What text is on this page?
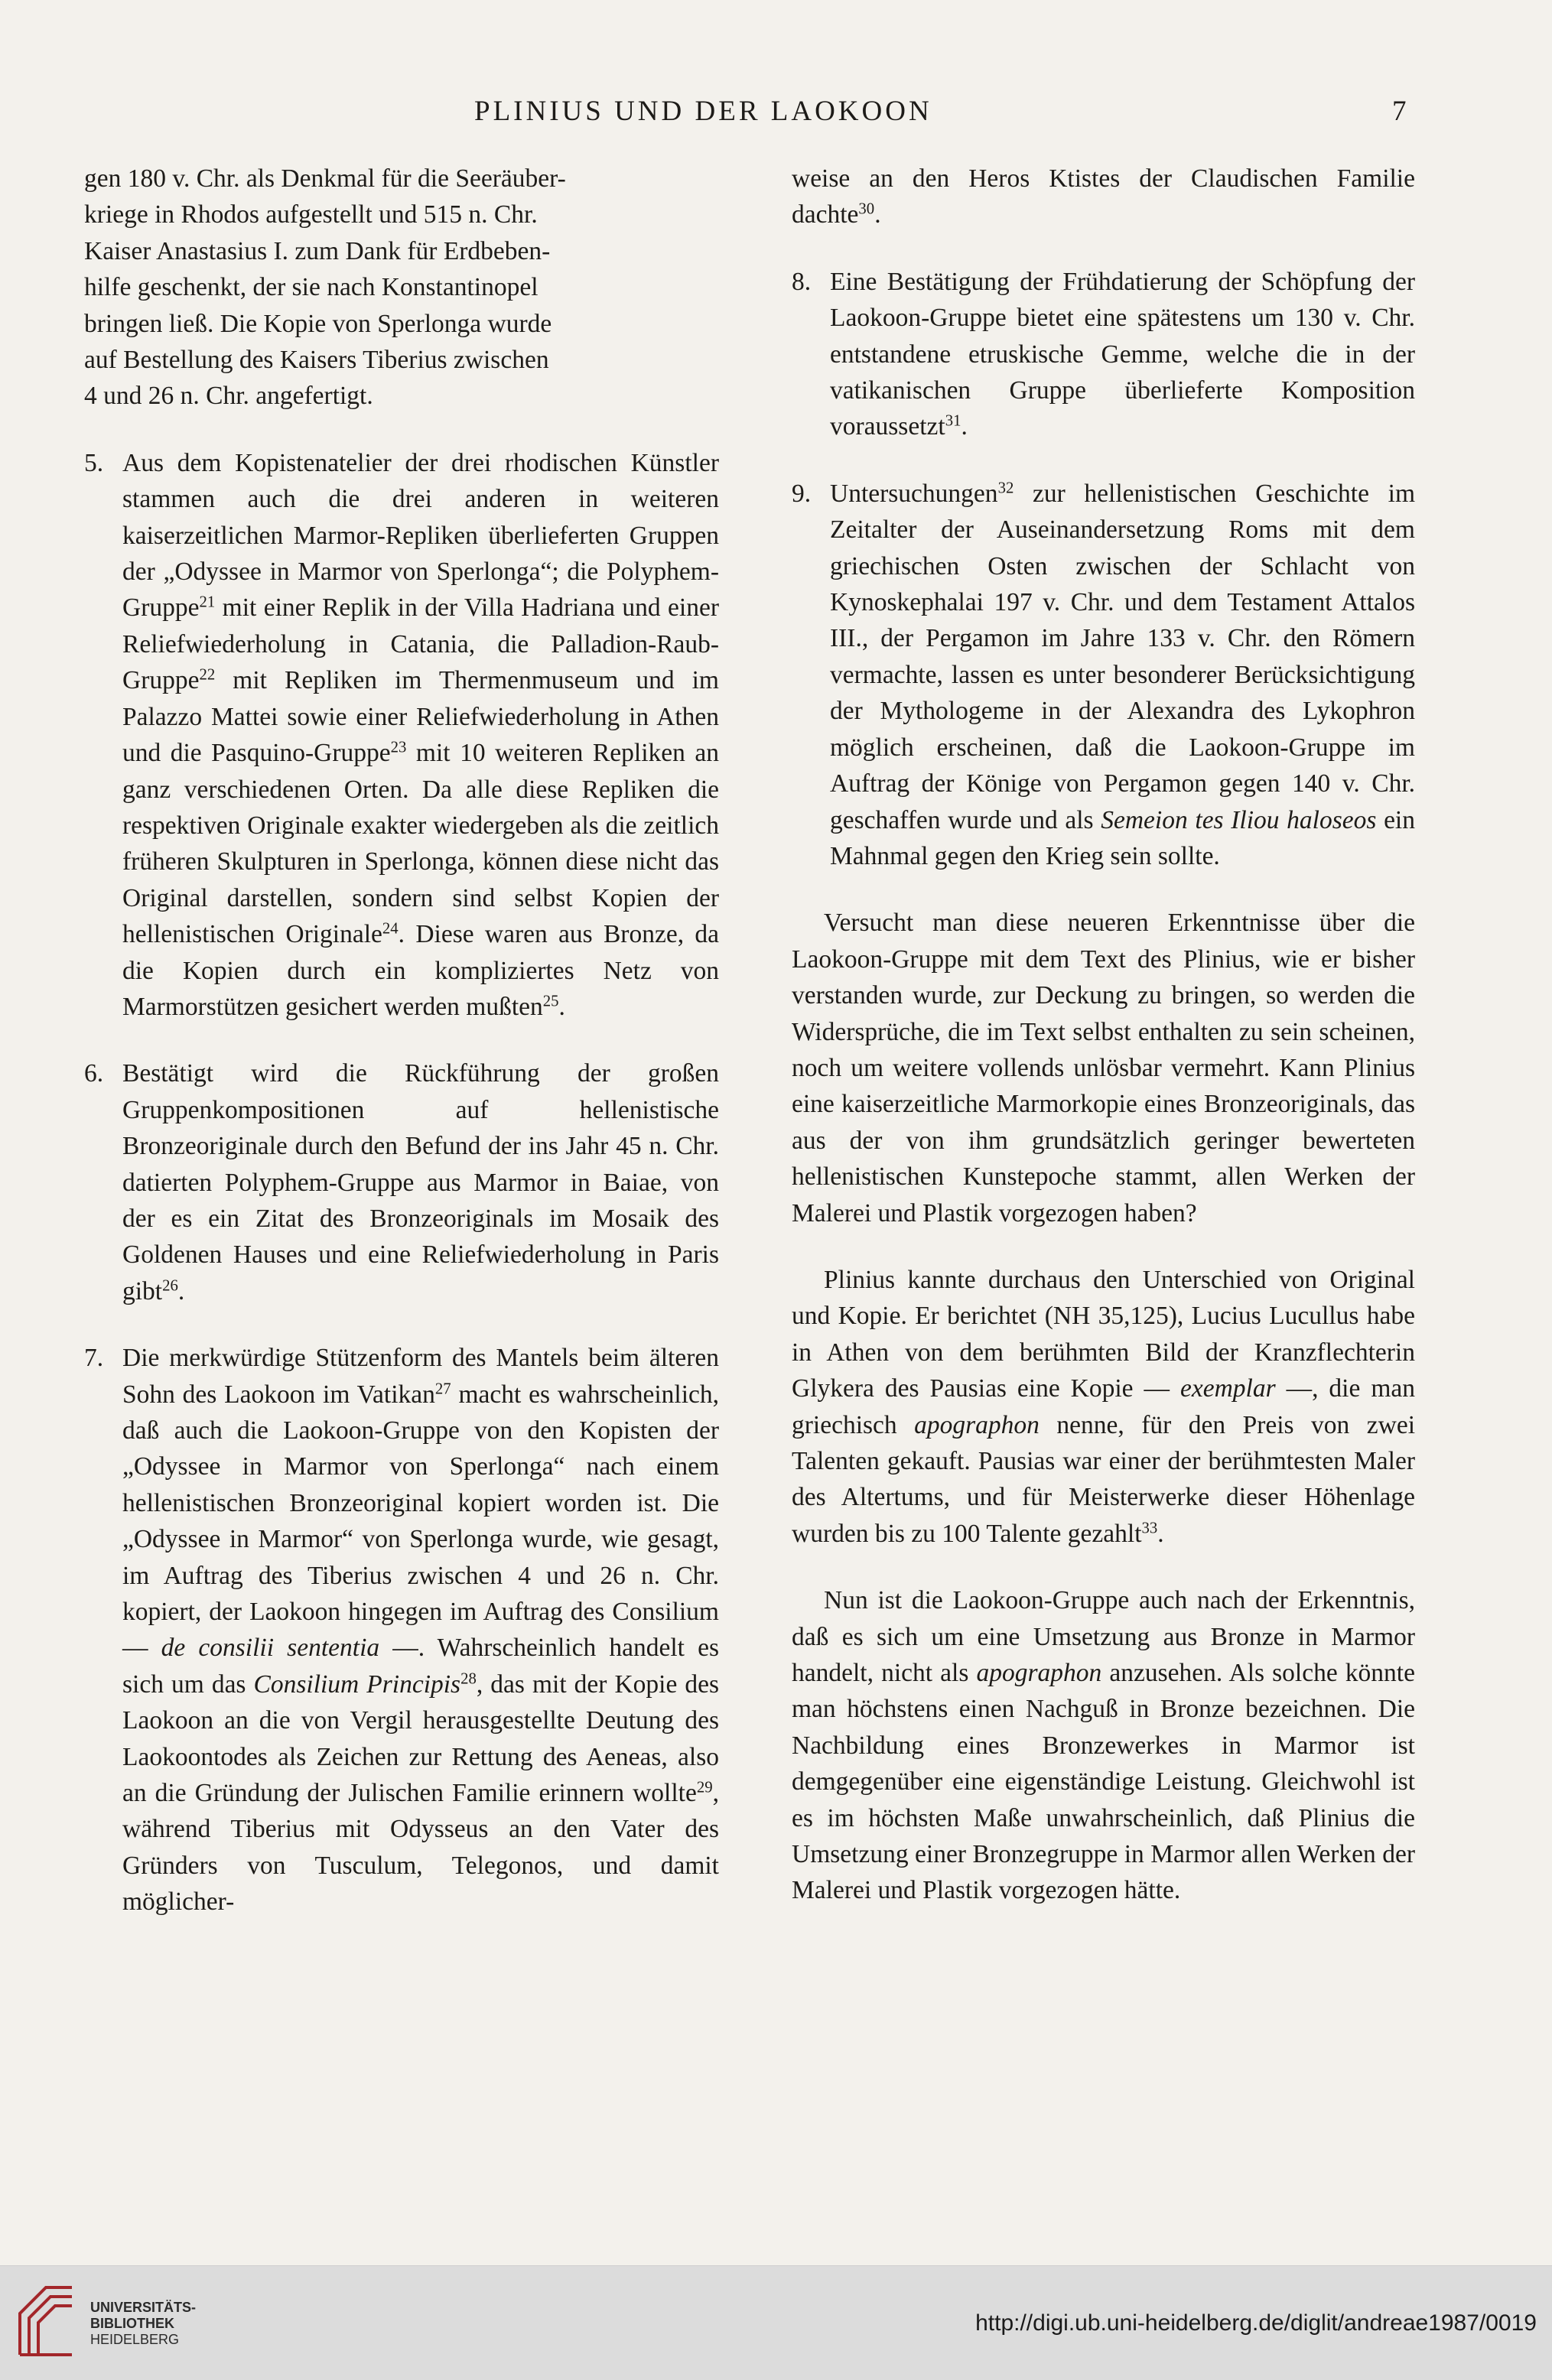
PLINIUS UND DER LAOKOON	7
gen 180 v. Chr. als Denkmal für die Seeräuber-
kriege in Rhodos aufgestellt und 515 n. Chr.
Kaiser Anastasius I. zum Dank für Erdbeben-
hilfe geschenkt, der sie nach Konstantinopel
bringen ließ. Die Kopie von Sperlonga wurde
auf Bestellung des Kaisers Tiberius zwischen
4 und 26 n. Chr. angefertigt.

5. Aus dem Kopistenatelier der drei rhodischen Künstler stammen auch die drei anderen in weiteren kaiserzeitlichen Marmor-Repliken überlieferten Gruppen der „Odyssee in Marmor von Sperlonga“; die Polyphem-Gruppe$^{21}$ mit einer Replik in der Villa Hadriana und einer Reliefwiederholung in Catania, die Palladion-Raub-Gruppe$^{22}$ mit Repliken im Thermenmuseum und im Palazzo Mattei sowie einer Reliefwiederholung in Athen und die Pasquino-Gruppe$^{23}$ mit 10 weiteren Repliken an ganz verschiedenen Orten. Da alle diese Repliken die respektiven Originale exakter wiedergeben als die zeitlich früheren Skulpturen in Sperlonga, können diese nicht das Original darstellen, sondern sind selbst Kopien der hellenistischen Originale$^{24}$. Diese waren aus Bronze, da die Kopien durch ein kompliziertes Netz von Marmorstützen gesichert werden mußten$^{25}$.

6. Bestätigt wird die Rückführung der großen Gruppenkompositionen auf hellenistische Bronzeoriginale durch den Befund der ins Jahr 45 n. Chr. datierten Polyphem-Gruppe aus Marmor in Baiae, von der es ein Zitat des Bronzeoriginals im Mosaik des Goldenen Hauses und eine Reliefwiederholung in Paris gibt$^{26}$.

7. Die merkwürdige Stützenform des Mantels beim älteren Sohn des Laokoon im Vatikan$^{27}$ macht es wahrscheinlich, daß auch die Laokoon-Gruppe von den Kopisten der „Odyssee in Marmor von Sperlonga“ nach einem hellenistischen Bronzeoriginal kopiert worden ist. Die „Odyssee in Marmor“ von Sperlonga wurde, wie gesagt, im Auftrag des Tiberius zwischen 4 und 26 n. Chr. kopiert, der Laokoon hingegen im Auftrag des Consilium — de consilii sententia —. Wahrscheinlich handelt es sich um das Consilium Principis$^{28}$, das mit der Kopie des Laokoon an die von Vergil herausgestellte Deutung des Laokoontodes als Zeichen zur Rettung des Aeneas, also an die Gründung der Julischen Familie erinnern wollte$^{29}$, während Tiberius mit Odysseus an den Vater des Gründers von Tusculum, Telegonos, und damit möglicher-

weise an den Heros Ktistes der Claudischen Familie dachte$^{30}$.

8. Eine Bestätigung der Frühdatierung der Schöpfung der Laokoon-Gruppe bietet eine spätestens um 130 v. Chr. entstandene etruskische Gemme, welche die in der vatikanischen Gruppe überlieferte Komposition voraussetzt$^{31}$.

9. Untersuchungen$^{32}$ zur hellenistischen Geschichte im Zeitalter der Auseinandersetzung Roms mit dem griechischen Osten zwischen der Schlacht von Kynoskephalai 197 v. Chr. und dem Testament Attalos III., der Pergamon im Jahre 133 v. Chr. den Römern vermachte, lassen es unter besonderer Berücksichtigung der Mythologeme in der Alexandra des Lykophron möglich erscheinen, daß die Laokoon-Gruppe im Auftrag der Könige von Pergamon gegen 140 v. Chr. geschaffen wurde und als Semeion tes Iliou haloseos ein Mahnmal gegen den Krieg sein sollte.

Versucht man diese neueren Erkenntnisse über die Laokoon-Gruppe mit dem Text des Plinius, wie er bisher verstanden wurde, zur Deckung zu bringen, so werden die Widersprüche, die im Text selbst enthalten zu sein scheinen, noch um weitere vollends unlösbar vermehrt. Kann Plinius eine kaiserzeitliche Marmorkopie eines Bronzeoriginals, das aus der von ihm grundsätzlich geringer bewerteten hellenistischen Kunstepoche stammt, allen Werken der Malerei und Plastik vorgezogen haben?

Plinius kannte durchaus den Unterschied von Original und Kopie. Er berichtet (NH 35,125), Lucius Lucullus habe in Athen von dem berühmten Bild der Kranzflechterin Glykera des Pausias eine Kopie — exemplar —, die man griechisch apographon nenne, für den Preis von zwei Talenten gekauft. Pausias war einer der berühmtesten Maler des Altertums, und für Meisterwerke dieser Höhenlage wurden bis zu 100 Talente gezahlt$^{33}$.

Nun ist die Laokoon-Gruppe auch nach der Erkenntnis, daß es sich um eine Umsetzung aus Bronze in Marmor handelt, nicht als apographon anzusehen. Als solche könnte man höchstens einen Nachguß in Bronze bezeichnen. Die Nachbildung eines Bronzewerkes in Marmor ist demgegenüber eine eigenständige Leistung. Gleichwohl ist es im höchsten Maße unwahrscheinlich, daß Plinius die Umsetzung einer Bronzegruppe in Marmor allen Werken der Malerei und Plastik vorgezogen hätte.

UNIVERSITÄTS-
BIBLIOTHEK
HEIDELBERG
http://digi.ub.uni-heidelberg.de/diglit/andreae1987/0019
